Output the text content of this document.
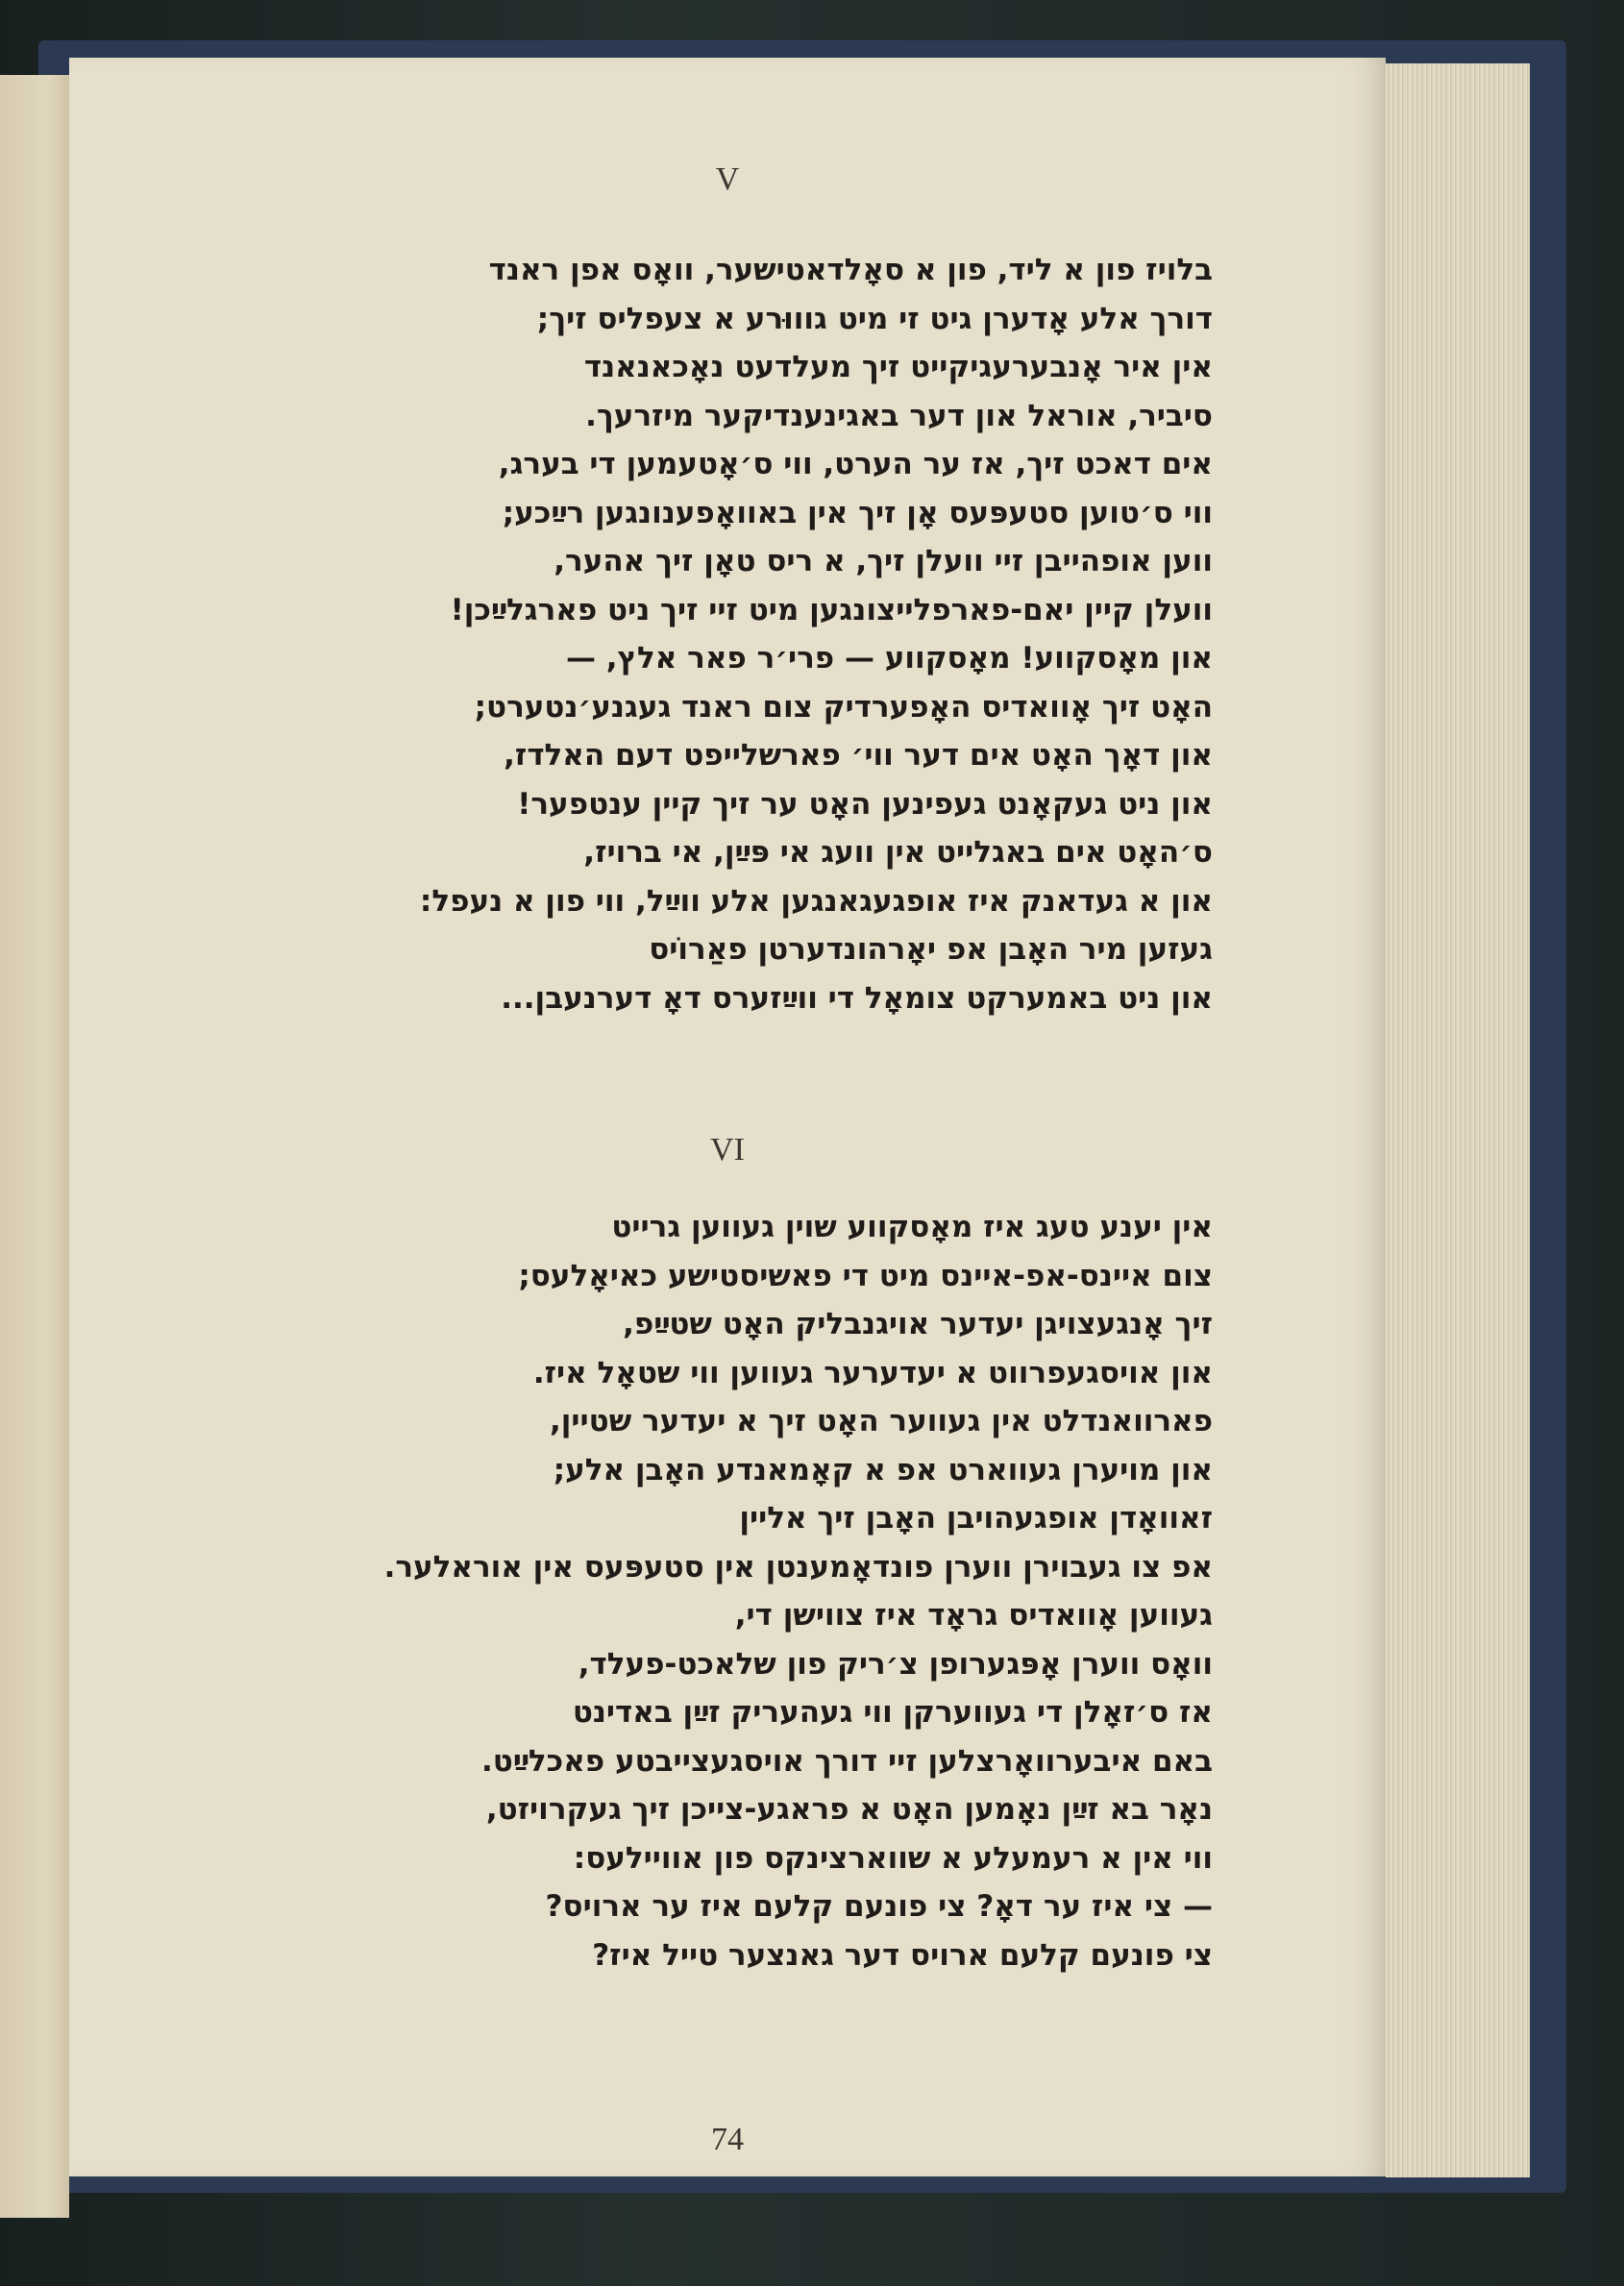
V
בלויז פון א ליד, פון א סאָלדאטישער, וואָס אפן ראנד
דורך אלע אָדערן גיט זי מיט גוווּרע א צעפליס זיך;
אין איר אָנבערעגיקייט זיך מעלדעט נאָכאנאנד
סיביר, אוראל און דער באגינענדיקער מיזרעך.
אים דאכט זיך, אז ער הערט, ווי ס׳אָטעמען די בערג,
ווי ס׳טוען סטעפּעס אָן זיך אין באוואָפענונגען רײַכע;
ווען אופהייבן זיי וועלן זיך, א ריס טאָן זיך אהער,
וועלן קיין יאם-פארפלייצונגען מיט זיי זיך ניט פארגלײַכן!
און מאָסקווע! מאָסקווע — פרי׳ר פאר אלץ, —
האָט זיך אָוואדיס האָפערדיק צום ראנד געגנע׳נטערט;
און דאָך האָט אים דער ווי׳ פארשלייפט דעם האלדז,
און ניט געקאָנט געפינען האָט ער זיך קיין ענטפער!
ס׳האָט אים באגלייט אין וועג אי פּײַן, אי ברויז,
און א געדאנק איז אופגעגאנגען אלע ווײַל, ווי פון א נעפל:
געזען מיר האָבן אפ יאָרהונדערטן פאַרוֹיס
און ניט באמערקט צומאָל די ווײַזערס דאָ דערנעבן...
VI
אין יענע טעג איז מאָסקווע שוין געווען גרייט
צום איינס-אפ-איינס מיט די פאשיסטישע כאיאָלעס;
זיך אָנגעצויגן יעדער אויגנבליק האָט שטײַפ,
און אויסגעפרווט א יעדערער געווען ווי שטאָל איז.
פארוואנדלט אין געווער האָט זיך א יעדער שטיין,
און מויערן געווארט אפ א קאָמאנדע האָבן אלע;
זאוואָדן אופגעהויבן האָבן זיך אליין
אפ צו געבוירן ווערן פונדאָמענטן אין סטעפּעס אין אוראלער.
געווען אָוואדיס גראָד איז צווישן די,
וואָס ווערן אָפּגערופן צ׳ריק פון שלאכט-פעלד,
אז ס׳זאָלן די געווערקן ווי געהעריק זײַן באדינט
באם איבערוואָרצלען זיי דורך אויסגעצייבטע פאכלײַט.
נאָר בא זײַן נאָמען האָט א פראגע-צייכן זיך געקרויזט,
ווי אין א רעמעלע א שווארצינקס פון אוויילעס:
— צי איז ער דאָ? צי פונעם קלעם איז ער ארויס?
צי פונעם קלעם ארויס דער גאנצער טייל איז?
74
